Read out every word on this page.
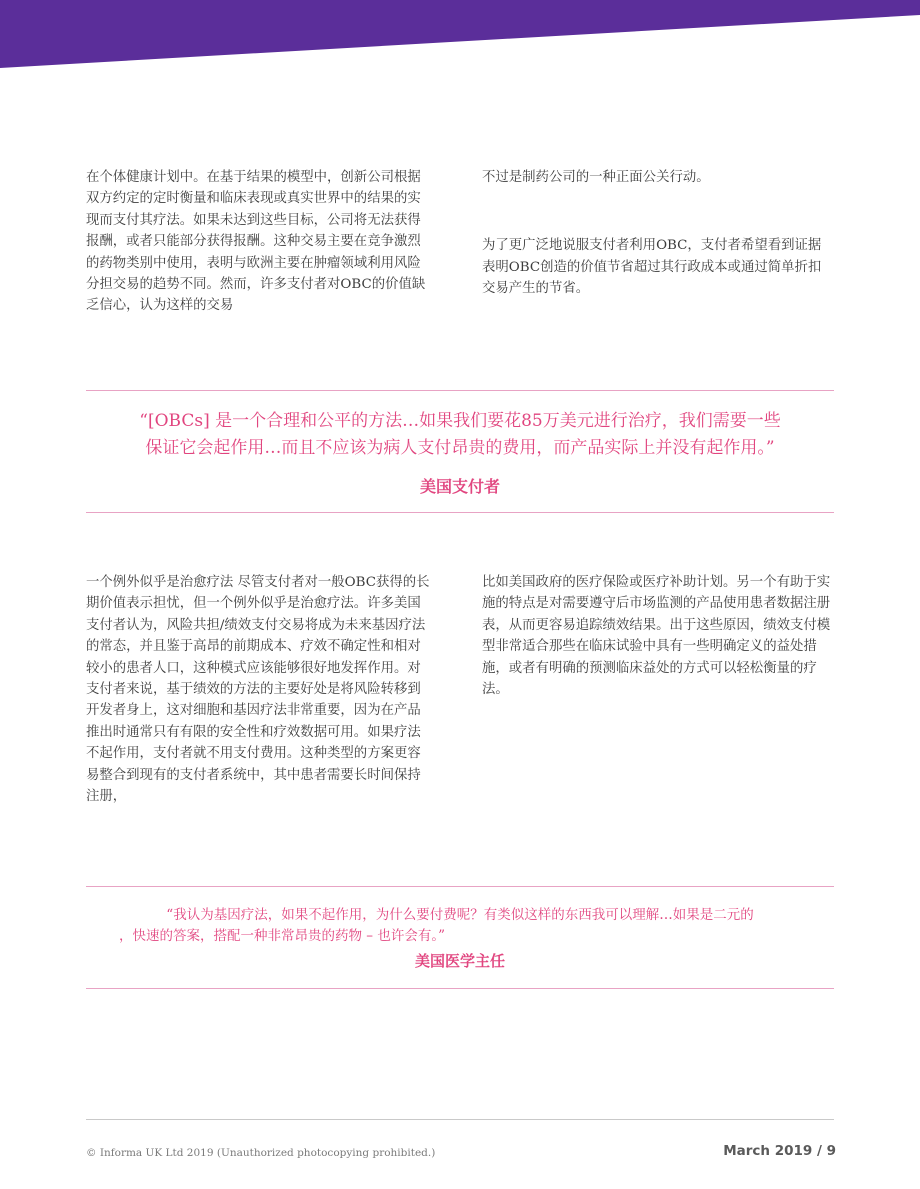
在个体健康计划中。在基于结果的模型中，创新公司根据双方约定的定时衡量和临床表现或真实世界中的结果的实现而支付其疗法。如果未达到这些目标，公司将无法获得报酬，或者只能部分获得报酬。这种交易主要在竞争激烈的药物类别中使用，表明与欧洲主要在肿瘤领域利用风险分担交易的趋势不同。然而，许多支付者对OBC的价值缺乏信心，认为这样的交易

不过是制药公司的一种正面公关行动。

为了更广泛地说服支付者利用OBC，支付者希望看到证据表明OBC创造的价值节省超过其行政成本或通过简单折扣交易产生的节省。

“[OBCs] 是一个合理和公平的方法…如果我们要花85万美元进行治疗，我们需要一些
保证它会起作用…而且不应该为病人支付昂贵的费用，而产品实际上并没有起作用。”
美国支付者

一个例外似乎是治愈疗法 尽管支付者对一般OBC获得的长期价值表示担忧，但一个例外似乎是治愈疗法。许多美国支付者认为，风险共担/绩效支付交易将成为未来基因疗法的常态，并且鉴于高昂的前期成本、疗效不确定性和相对较小的患者人口，这种模式应该能够很好地发挥作用。对支付者来说，基于绩效的方法的主要好处是将风险转移到开发者身上，这对细胞和基因疗法非常重要，因为在产品推出时通常只有有限的安全性和疗效数据可用。如果疗法不起作用，支付者就不用支付费用。这种类型的方案更容易整合到现有的支付者系统中，其中患者需要长时间保持注册，

比如美国政府的医疗保险或医疗补助计划。另一个有助于实施的特点是对需要遵守后市场监测的产品使用患者数据注册表，从而更容易追踪绩效结果。出于这些原因，绩效支付模型非常适合那些在临床试验中具有一些明确定义的益处措施，或者有明确的预测临床益处的方式可以轻松衡量的疗法。

“我认为基因疗法，如果不起作用，为什么要付费呢？有类似这样的东西我可以理解…如果是二元的
，快速的答案，搭配一种非常昂贵的药物 – 也许会有。”
美国医学主任
© Informa UK Ltd 2019 (Unauthorized photocopying prohibited.)	March 2019 / 9
